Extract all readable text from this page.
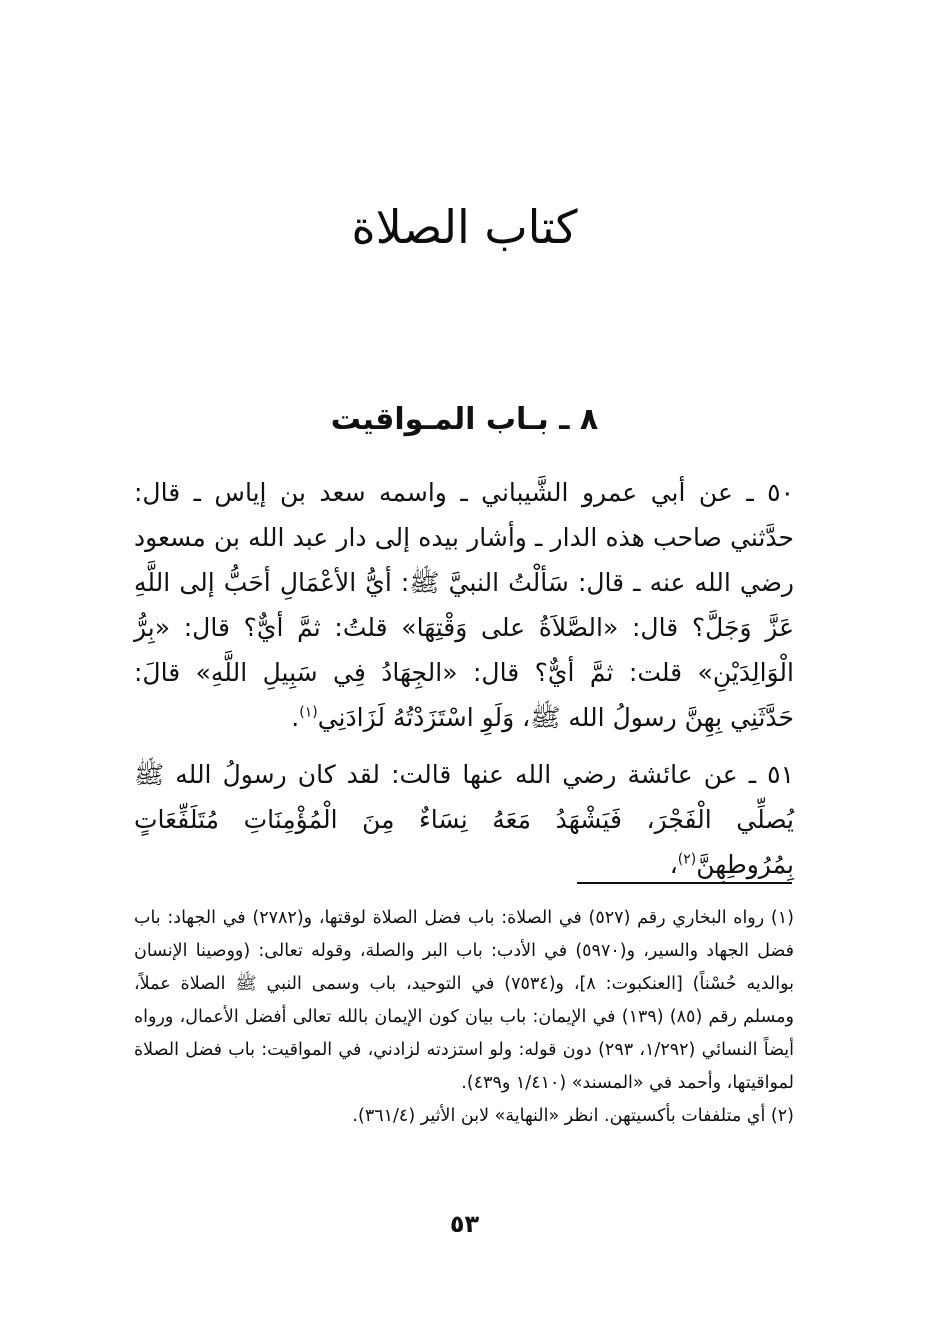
كتاب الصلاة
٨ ـ بـاب المـواقيت

٥٠ ـ عن أبي عمرو الشَّيباني ـ واسمه سعد بن إياس ـ قال: حدَّثني صاحب هذه الدار ـ وأشار بيده إلى دار عبد الله بن مسعود رضي الله عنه ـ قال: سَألْتُ النبيَّ ﷺ: أيُّ الأعْمَالِ أحَبُّ إلى اللَّهِ عَزَّ وَجَلَّ؟ قال: «الصَّلاَةُ على وَقْتِهَا» قلتُ: ثمَّ أيٌّ؟ قال: «بِرُّ الْوَالِدَيْنِ» قلت: ثمَّ أيٌّ؟ قال: «الجِهَادُ فِي سَبِيلِ اللَّهِ» قالَ: حَدَّثَنِي بِهِنَّ رسولُ الله ﷺ، وَلَوِ اسْتَزَدْتُهُ لَزَادَنِي$^{(١)}$.

٥١ ـ عن عائشة رضي الله عنها قالت: لقد كان رسولُ الله ﷺ يُصلِّي الْفَجْرَ، فَيَشْهَدُ مَعَهُ نِسَاءٌ مِنَ الْمُؤْمِنَاتِ مُتَلَفِّعَاتٍ بِمُرُوطِهِنَّ$^{(٢)}$،

(١) رواه البخاري رقم (٥٢٧) في الصلاة: باب فضل الصلاة لوقتها، و(٢٧٨٢) في الجهاد: باب فضل الجهاد والسير، و(٥٩٧٠) في الأدب: باب البر والصلة، وقوله تعالى: (ووصينا الإنسان بوالديه حُسْناً) [العنكبوت: ٨]، و(٧٥٣٤) في التوحيد، باب وسمى النبي ﷺ الصلاة عملاً، ومسلم رقم (٨٥) (١٣٩) في الإيمان: باب بيان كون الإيمان بالله تعالى أفضل الأعمال، ورواه أيضاً النسائي (١/٢٩٢، ٢٩٣) دون قوله: ولو استزدته لزادني، في المواقيت: باب فضل الصلاة لمواقيتها، وأحمد في «المسند» (١/٤١٠ و٤٣٩).

(٢) أي متلففات بأكسيتهن. انظر «النهاية» لابن الأثير (٣٦١/٤).

٥٣
